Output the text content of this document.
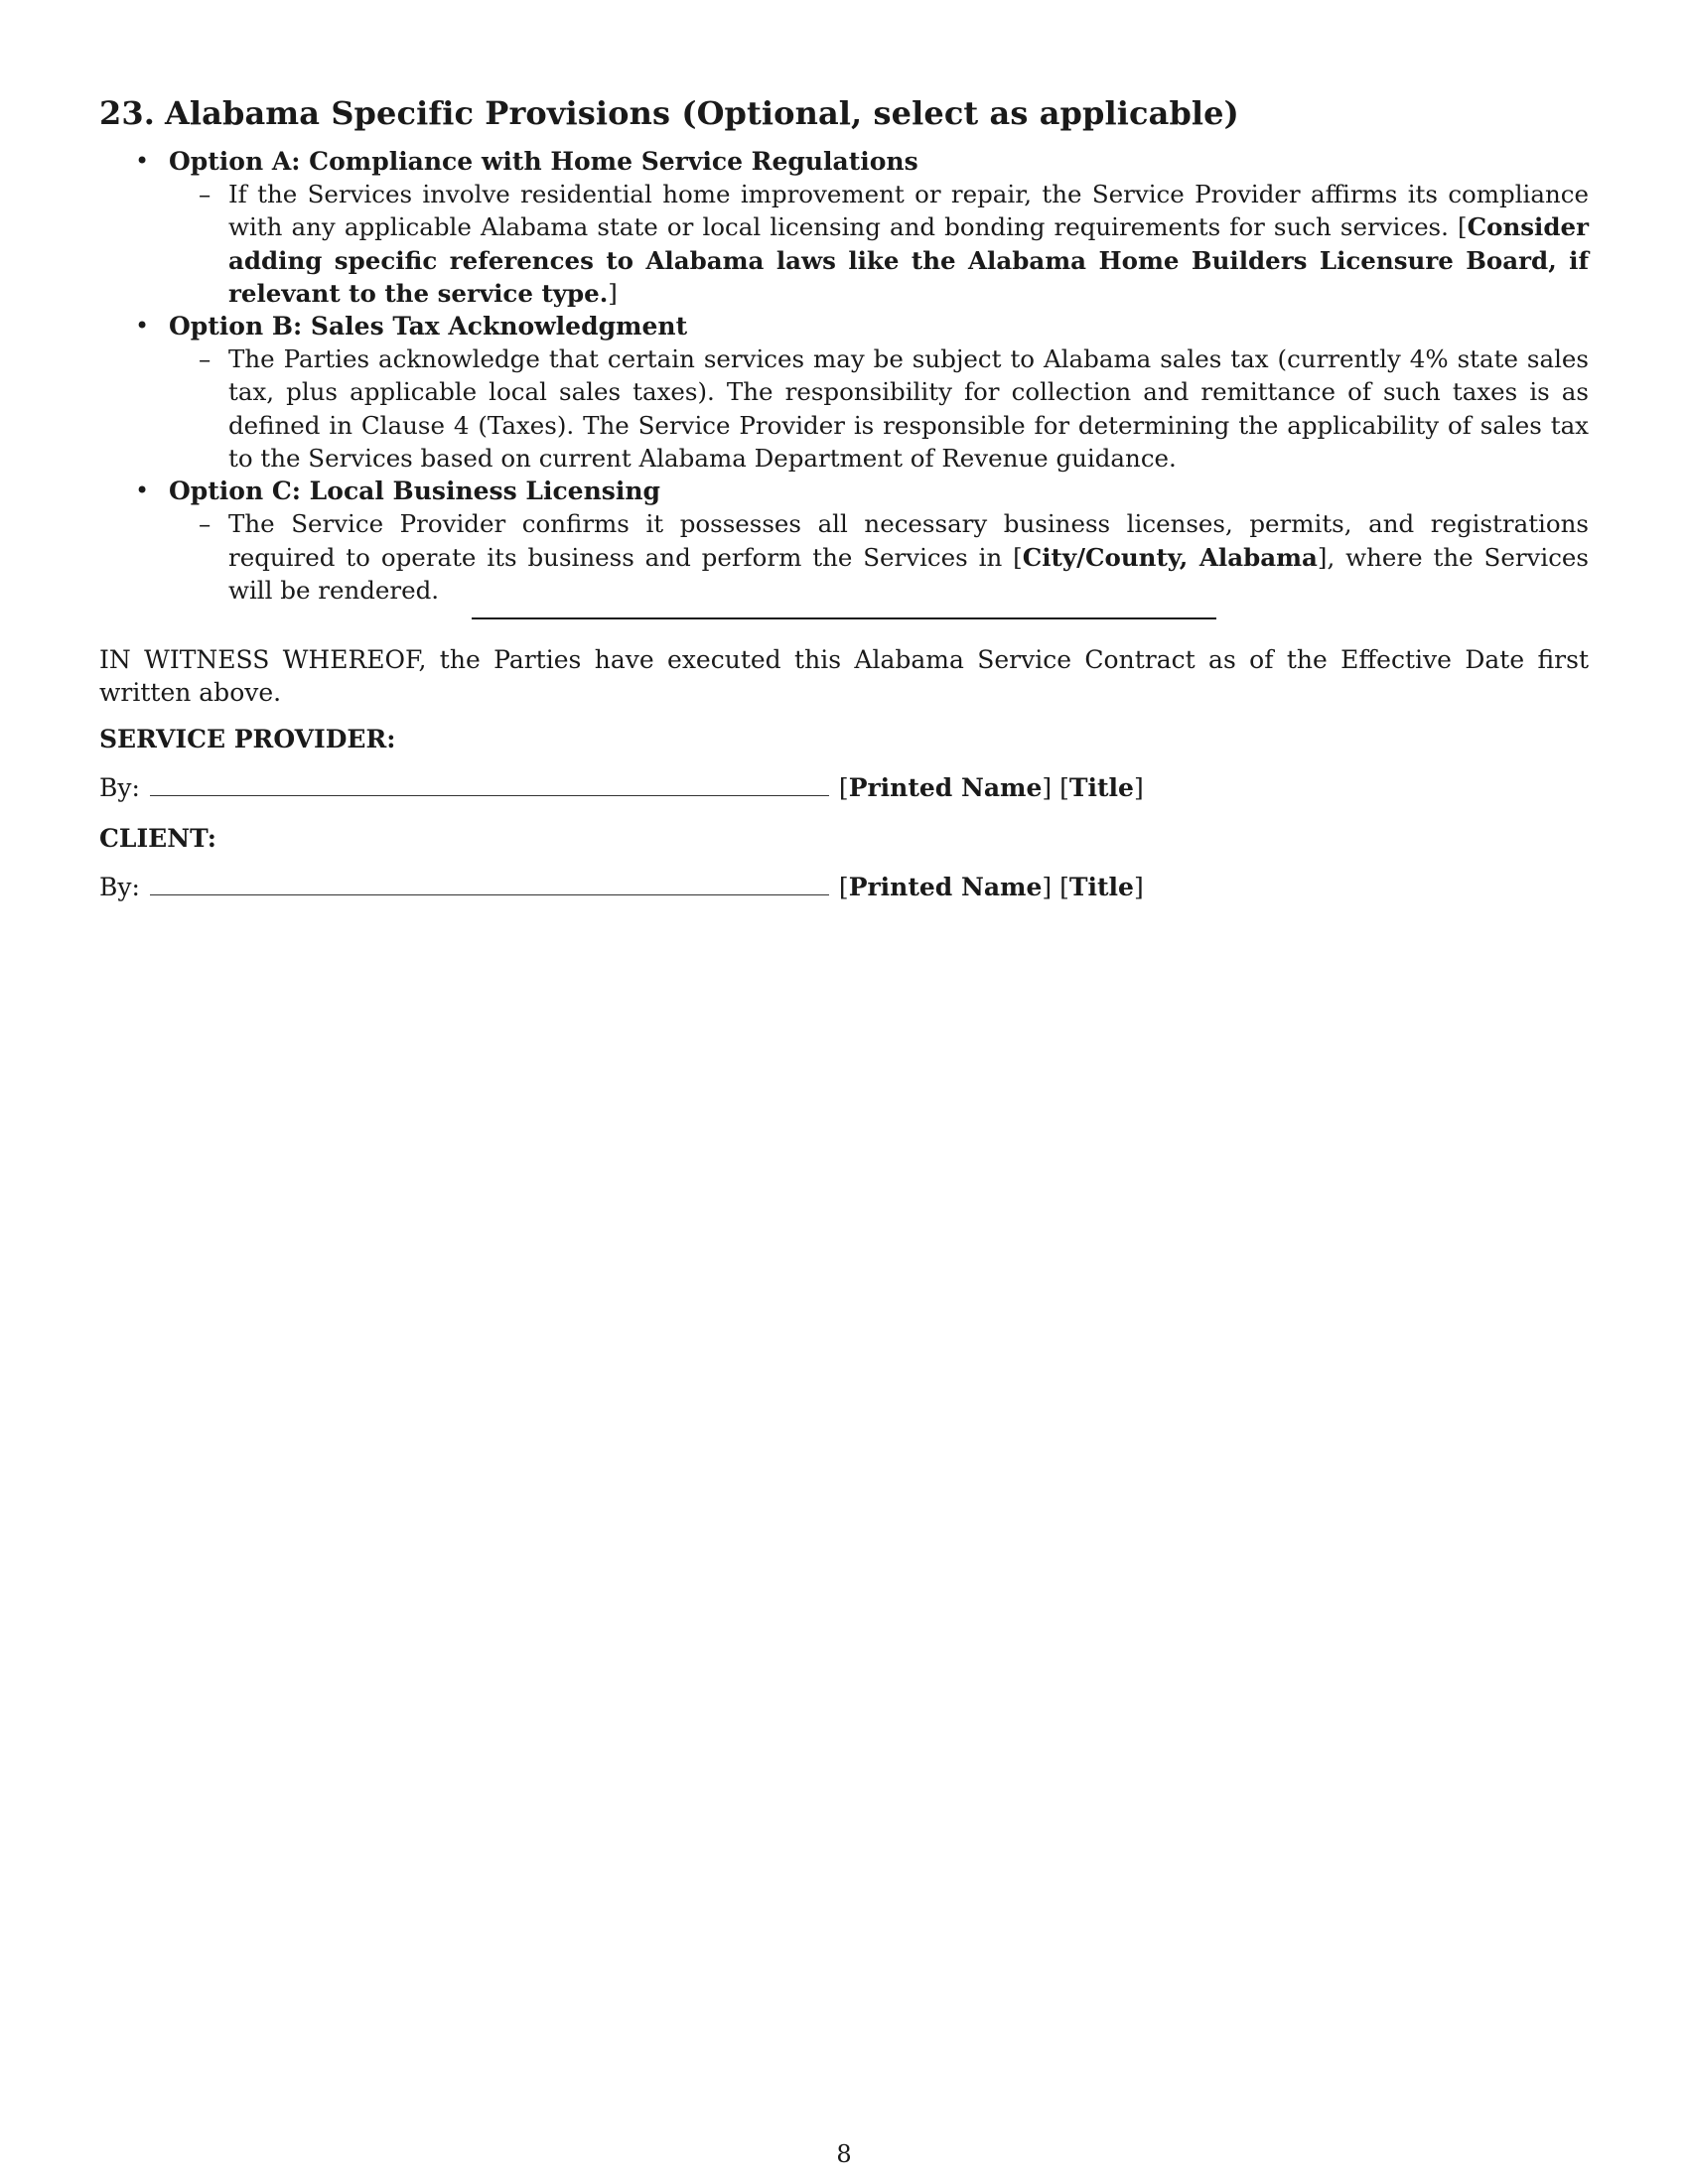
23. Alabama Specific Provisions (Optional, select as applicable)
• Option A: Compliance with Home Service Regulations
– If the Services involve residential home improvement or repair, the Service Provider affirms its compliance with any applicable Alabama state or local licensing and bonding requirements for such services. [Consider adding specific references to Alabama laws like the Alabama Home Builders Licensure Board, if relevant to the service type.]
• Option B: Sales Tax Acknowledgment
– The Parties acknowledge that certain services may be subject to Alabama sales tax (currently 4% state sales tax, plus applicable local sales taxes). The responsibility for collection and remittance of such taxes is as defined in Clause 4 (Taxes). The Service Provider is responsible for determining the applicability of sales tax to the Services based on current Alabama Department of Revenue guidance.
• Option C: Local Business Licensing
– The Service Provider confirms it possesses all necessary business licenses, permits, and registrations required to operate its business and perform the Services in [City/County, Alabama], where the Services will be rendered.
IN WITNESS WHEREOF, the Parties have executed this Alabama Service Contract as of the Effective Date first written above.
SERVICE PROVIDER:
By:	[Printed Name] [Title]
CLIENT:
By:	[Printed Name] [Title]
8
